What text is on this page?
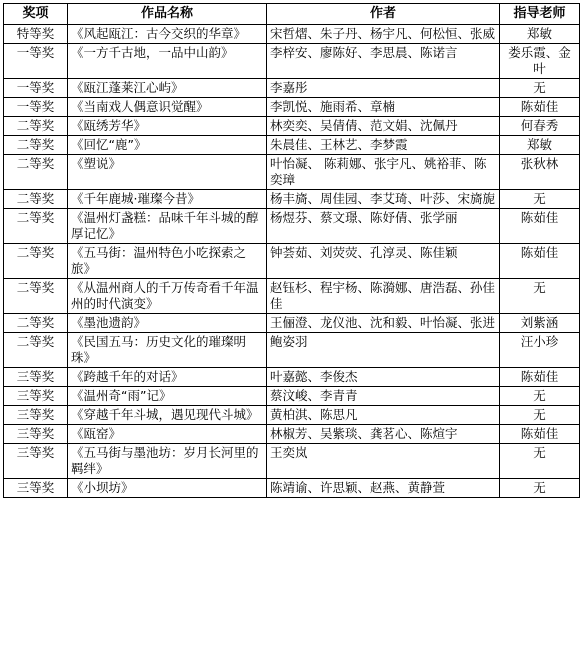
奖项	作品名称	作者	指导老师
特等奖	《风起瓯江：古今交织的华章》	宋哲熠、朱子丹、杨宇凡、何松恒、张威	郑敏
一等奖	《一方千古地，一品中山韵》	李梓安、廖陈好、李思晨、陈诺言	娄乐霞、金叶
一等奖	《瓯江蓬莱江心屿》	李嘉彤	无
一等奖	《当南戏人偶意识觉醒》	李凯悦、施雨希、章楠	陈茹佳
二等奖	《瓯绣芳华》	林奕奕、吴倩倩、范文娟、沈佩丹	何春秀
二等奖	《回忆“鹿”》	朱晨佳、王林艺、李梦霞	郑敏
二等奖	《塑说》	叶怡凝、 陈莉娜、张宇凡、姚裕菲、陈奕璋	张秋林
二等奖	《千年鹿城·璀璨今昔》	杨丰旖、周佳园、李艾琦、叶莎、宋旖旎	无
二等奖	《温州灯盏糕：品味千年斗城的醇厚记忆》	杨煜芬、蔡文璟、陈妤倩、张学丽	陈茹佳
二等奖	《五马街：温州特色小吃探索之旅》	钟荟茹、刘荧荧、孔淳灵、陈佳颖	陈茹佳
二等奖	《从温州商人的千万传奇看千年温州的时代演变》	赵钰杉、程宇杨、陈漪娜、唐浩磊、孙佳佳	无
二等奖	《墨池遗韵》	王俪澄、龙仪池、沈和毅、叶怡凝、张进	刘紫涵
二等奖	《民国五马：历史文化的璀璨明珠》	鲍姿羽	汪小珍
三等奖	《跨越千年的对话》	叶嘉懿、李俊杰	陈茹佳
三等奖	《温州奇“雨”记》	蔡汶峻、李青青	无
三等奖	《穿越千年斗城，遇见现代斗城》	黄柏淇、陈思凡	无
三等奖	《瓯窑》	林椒芳、吴紫琰、龚茗心、陈煊宇	陈茹佳
三等奖	《五马街与墨池坊：岁月长河里的羁绊》	王奕岚	无
三等奖	《小坝坊》	陈靖谕、许思颖、赵燕、黄静萱	无
